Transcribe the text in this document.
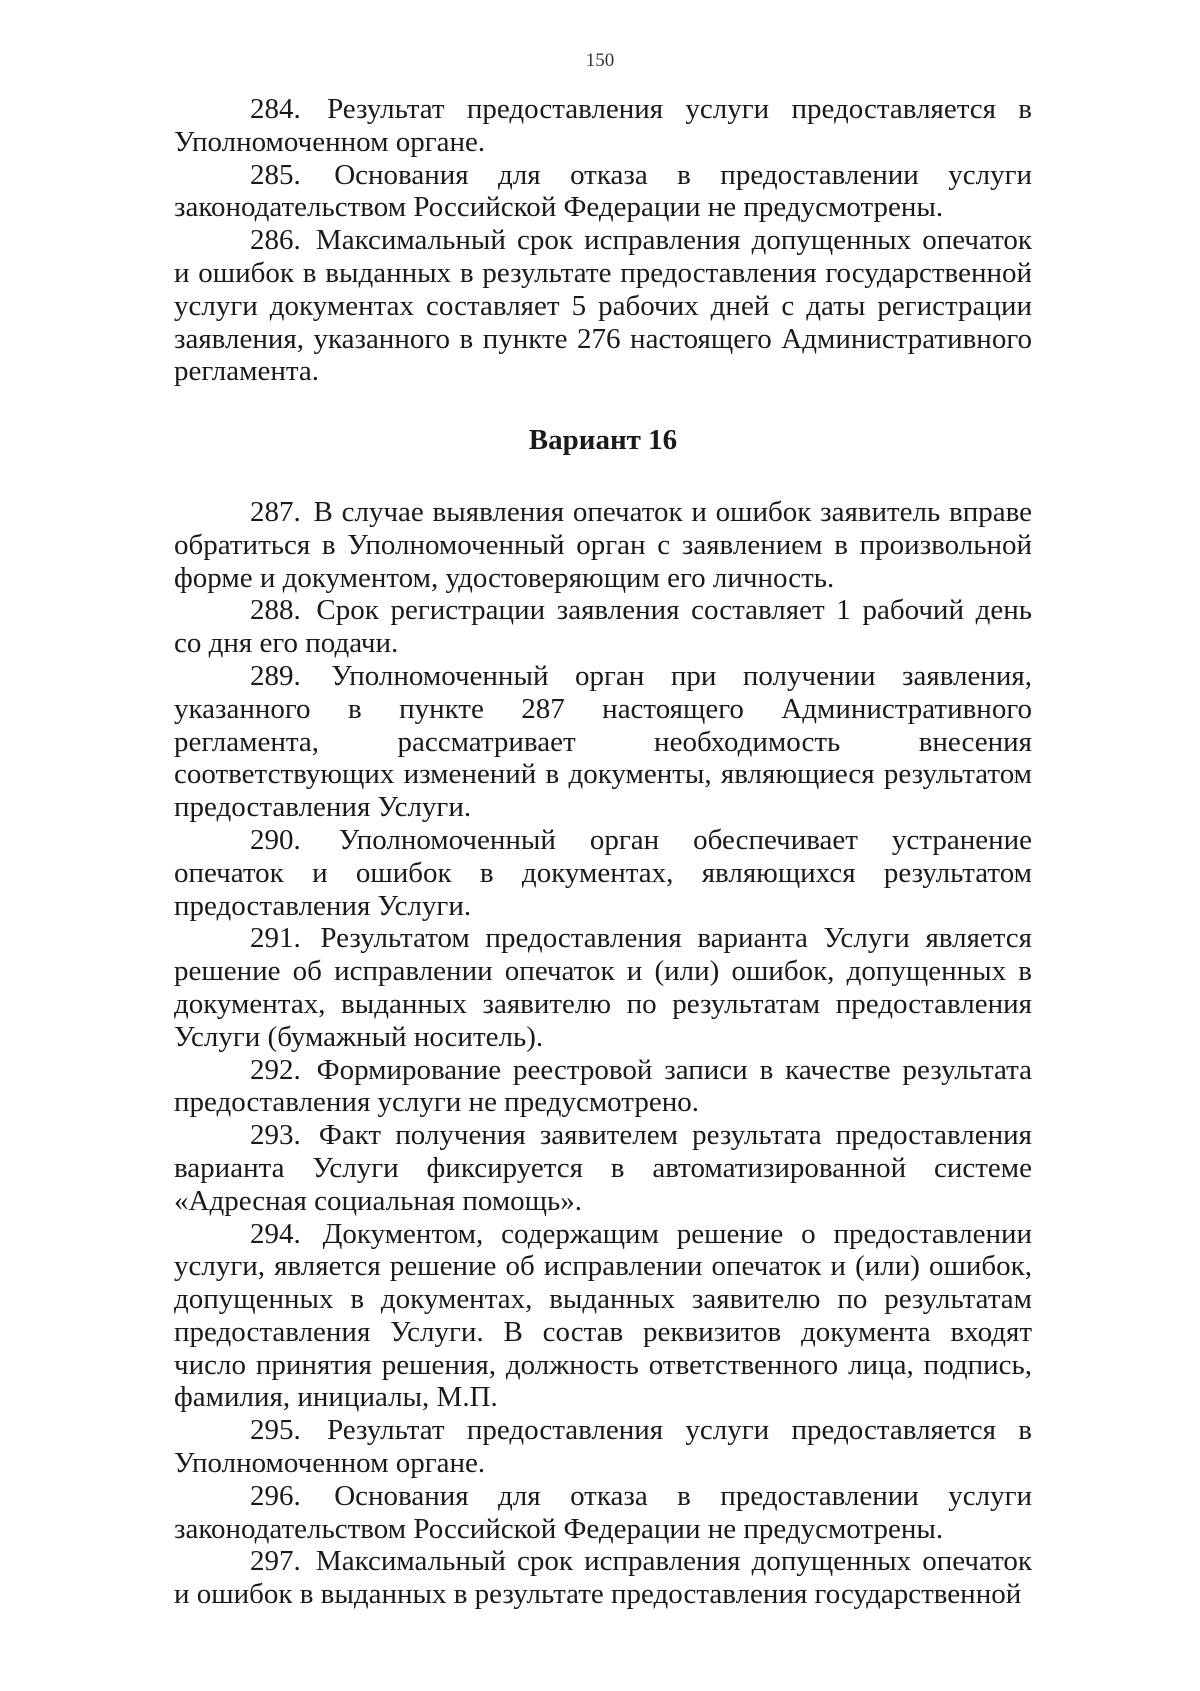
150

284. Результат предоставления услуги предоставляется в Уполномоченном органе.

285. Основания для отказа в предоставлении услуги законодательством Российской Федерации не предусмотрены.

286. Максимальный срок исправления допущенных опечаток и ошибок в выданных в результате предоставления государственной услуги документах составляет 5 рабочих дней с даты регистрации заявления, указанного в пункте 276 настоящего Административного регламента.

Вариант 16

287. В случае выявления опечаток и ошибок заявитель вправе обратиться в Уполномоченный орган с заявлением в произвольной форме и документом, удостоверяющим его личность.

288. Срок регистрации заявления составляет 1 рабочий день со дня его подачи.

289. Уполномоченный орган при получении заявления, указанного в пункте 287 настоящего Административного регламента, рассматривает необходимость внесения соответствующих изменений в документы, являющиеся результатом предоставления Услуги.

290. Уполномоченный орган обеспечивает устранение опечаток и ошибок в документах, являющихся результатом предоставления Услуги.

291. Результатом предоставления варианта Услуги является решение об исправлении опечаток и (или) ошибок, допущенных в документах, выданных заявителю по результатам предоставления Услуги (бумажный носитель).

292. Формирование реестровой записи в качестве результата предоставления услуги не предусмотрено.

293. Факт получения заявителем результата предоставления варианта Услуги фиксируется в автоматизированной системе «Адресная социальная помощь».

294. Документом, содержащим решение о предоставлении услуги, является решение об исправлении опечаток и (или) ошибок, допущенных в документах, выданных заявителю по результатам предоставления Услуги. В состав реквизитов документа входят число принятия решения, должность ответственного лица, подпись, фамилия, инициалы, М.П.

295. Результат предоставления услуги предоставляется в Уполномоченном органе.

296. Основания для отказа в предоставлении услуги законодательством Российской Федерации не предусмотрены.

297. Максимальный срок исправления допущенных опечаток и ошибок в выданных в результате предоставления государственной
